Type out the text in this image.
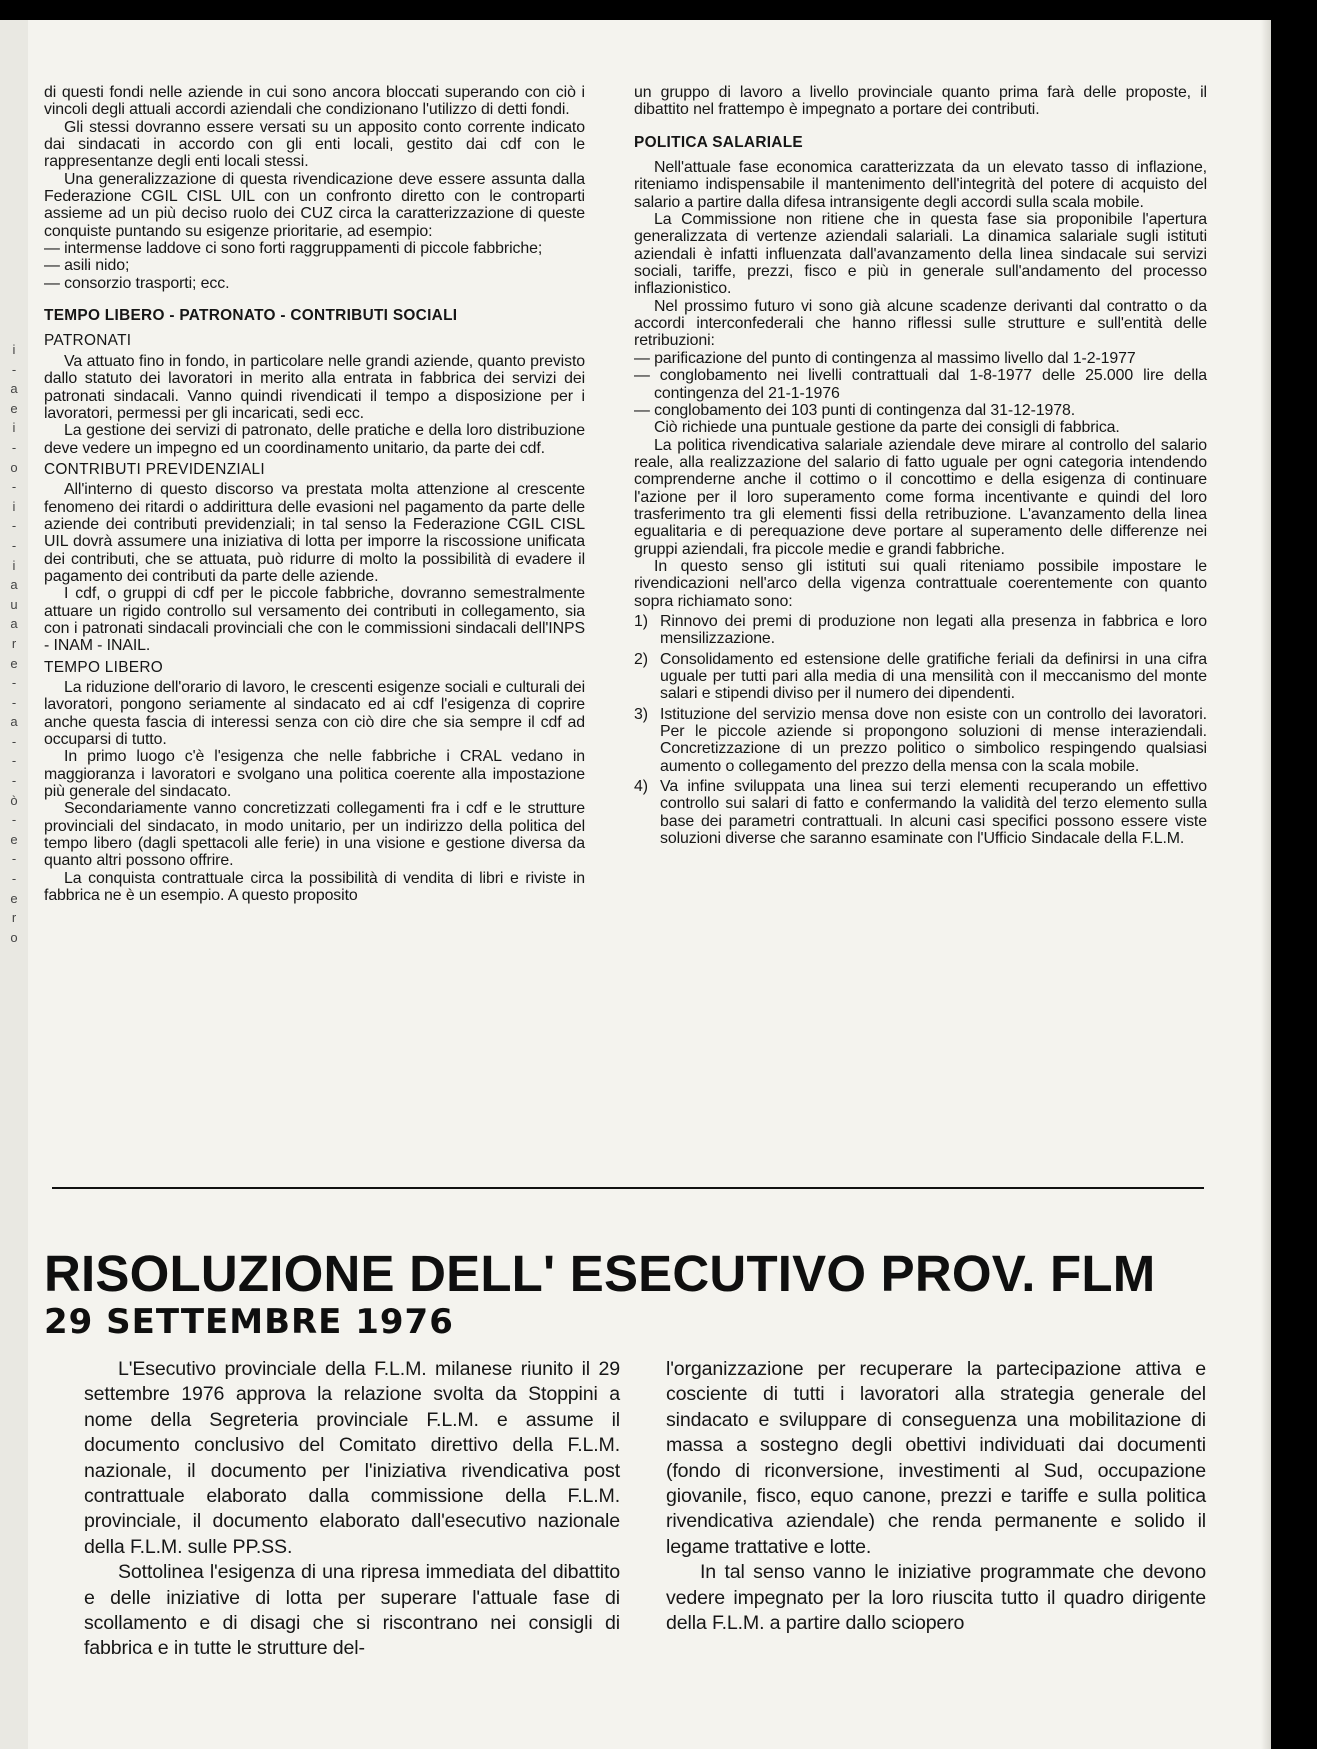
i
-
a
e
i
-
o
-
i
-
-
i
a
u
a
r
e
-
-
a
-
-
-
ò
-
e
-
-
e
r
o

di questi fondi nelle aziende in cui sono ancora bloccati superando con ciò i vincoli degli attuali accordi aziendali che condizionano l'utilizzo di detti fondi.

Gli stessi dovranno essere versati su un apposito conto corrente indicato dai sindacati in accordo con gli enti locali, gestito dai cdf con le rappresentanze degli enti locali stessi.

Una generalizzazione di questa rivendicazione deve essere assunta dalla Federazione CGIL CISL UIL con un confronto diretto con le controparti assieme ad un più deciso ruolo dei CUZ circa la caratterizzazione di queste conquiste puntando su esigenze prioritarie, ad esempio:

— intermense laddove ci sono forti raggruppamenti di piccole fabbriche;

— asili nido;

— consorzio trasporti; ecc.

TEMPO LIBERO - PATRONATO - CONTRIBUTI SOCIALI
PATRONATI

Va attuato fino in fondo, in particolare nelle grandi aziende, quanto previsto dallo statuto dei lavoratori in merito alla entrata in fabbrica dei servizi dei patronati sindacali. Vanno quindi rivendicati il tempo a disposizione per i lavoratori, permessi per gli incaricati, sedi ecc.

La gestione dei servizi di patronato, delle pratiche e della loro distribuzione deve vedere un impegno ed un coordinamento unitario, da parte dei cdf.

CONTRIBUTI PREVIDENZIALI

All'interno di questo discorso va prestata molta attenzione al crescente fenomeno dei ritardi o addirittura delle evasioni nel pagamento da parte delle aziende dei contributi previdenziali; in tal senso la Federazione CGIL CISL UIL dovrà assumere una iniziativa di lotta per imporre la riscossione unificata dei contributi, che se attuata, può ridurre di molto la possibilità di evadere il pagamento dei contributi da parte delle aziende.

I cdf, o gruppi di cdf per le piccole fabbriche, dovranno semestralmente attuare un rigido controllo sul versamento dei contributi in collegamento, sia con i patronati sindacali provinciali che con le commissioni sindacali dell'INPS - INAM - INAIL.

TEMPO LIBERO

La riduzione dell'orario di lavoro, le crescenti esigenze sociali e culturali dei lavoratori, pongono seriamente al sindacato ed ai cdf l'esigenza di coprire anche questa fascia di interessi senza con ciò dire che sia sempre il cdf ad occuparsi di tutto.

In primo luogo c'è l'esigenza che nelle fabbriche i CRAL vedano in maggioranza i lavoratori e svolgano una politica coerente alla impostazione più generale del sindacato.

Secondariamente vanno concretizzati collegamenti fra i cdf e le strutture provinciali del sindacato, in modo unitario, per un indirizzo della politica del tempo libero (dagli spettacoli alle ferie) in una visione e gestione diversa da quanto altri possono offrire.

La conquista contrattuale circa la possibilità di vendita di libri e riviste in fabbrica ne è un esempio. A questo proposito

un gruppo di lavoro a livello provinciale quanto prima farà delle proposte, il dibattito nel frattempo è impegnato a portare dei contributi.

POLITICA SALARIALE

Nell'attuale fase economica caratterizzata da un elevato tasso di inflazione, riteniamo indispensabile il mantenimento dell'integrità del potere di acquisto del salario a partire dalla difesa intransigente degli accordi sulla scala mobile.

La Commissione non ritiene che in questa fase sia proponibile l'apertura generalizzata di vertenze aziendali salariali. La dinamica salariale sugli istituti aziendali è infatti influenzata dall'avanzamento della linea sindacale sui servizi sociali, tariffe, prezzi, fisco e più in generale sull'andamento del processo inflazionistico.

Nel prossimo futuro vi sono già alcune scadenze derivanti dal contratto o da accordi interconfederali che hanno riflessi sulle strutture e sull'entità delle retribuzioni:

— parificazione del punto di contingenza al massimo livello dal 1-2-1977

— conglobamento nei livelli contrattuali dal 1-8-1977 delle 25.000 lire della contingenza del 21-1-1976

— conglobamento dei 103 punti di contingenza dal 31-12-1978.

Ciò richiede una puntuale gestione da parte dei consigli di fabbrica.

La politica rivendicativa salariale aziendale deve mirare al controllo del salario reale, alla realizzazione del salario di fatto uguale per ogni categoria intendendo comprenderne anche il cottimo o il concottimo e della esigenza di continuare l'azione per il loro superamento come forma incentivante e quindi del loro trasferimento tra gli elementi fissi della retribuzione. L'avanzamento della linea egualitaria e di perequazione deve portare al superamento delle differenze nei gruppi aziendali, fra piccole medie e grandi fabbriche.

In questo senso gli istituti sui quali riteniamo possibile impostare le rivendicazioni nell'arco della vigenza contrattuale coerentemente con quanto sopra richiamato sono:

1) Rinnovo dei premi di produzione non legati alla presenza in fabbrica e loro mensilizzazione.
2) Consolidamento ed estensione delle gratifiche feriali da definirsi in una cifra uguale per tutti pari alla media di una mensilità con il meccanismo del monte salari e stipendi diviso per il numero dei dipendenti.
3) Istituzione del servizio mensa dove non esiste con un controllo dei lavoratori. Per le piccole aziende si propongono soluzioni di mense interaziendali. Concretizzazione di un prezzo politico o simbolico respingendo qualsiasi aumento o collegamento del prezzo della mensa con la scala mobile.
4) Va infine sviluppata una linea sui terzi elementi recuperando un effettivo controllo sui salari di fatto e confermando la validità del terzo elemento sulla base dei parametri contrattuali. In alcuni casi specifici possono essere viste soluzioni diverse che saranno esaminate con l'Ufficio Sindacale della F.L.M.
RISOLUZIONE DELL' ESECUTIVO PROV. FLM
29 SETTEMBRE 1976

L'Esecutivo provinciale della F.L.M. milanese riunito il 29 settembre 1976 approva la relazione svolta da Stoppini a nome della Segreteria provinciale F.L.M. e assume il documento conclusivo del Comitato direttivo della F.L.M. nazionale, il documento per l'iniziativa rivendicativa post contrattuale elaborato dalla commissione della F.L.M. provinciale, il documento elaborato dall'esecutivo nazionale della F.L.M. sulle PP.SS.

Sottolinea l'esigenza di una ripresa immediata del dibattito e delle iniziative di lotta per superare l'attuale fase di scollamento e di disagi che si riscontrano nei consigli di fabbrica e in tutte le strutture del-

l'organizzazione per recuperare la partecipazione attiva e cosciente di tutti i lavoratori alla strategia generale del sindacato e sviluppare di conseguenza una mobilitazione di massa a sostegno degli obettivi individuati dai documenti (fondo di riconversione, investimenti al Sud, occupazione giovanile, fisco, equo canone, prezzi e tariffe e sulla politica rivendicativa aziendale) che renda permanente e solido il legame trattative e lotte.

In tal senso vanno le iniziative programmate che devono vedere impegnato per la loro riuscita tutto il quadro dirigente della F.L.M. a partire dallo sciopero
